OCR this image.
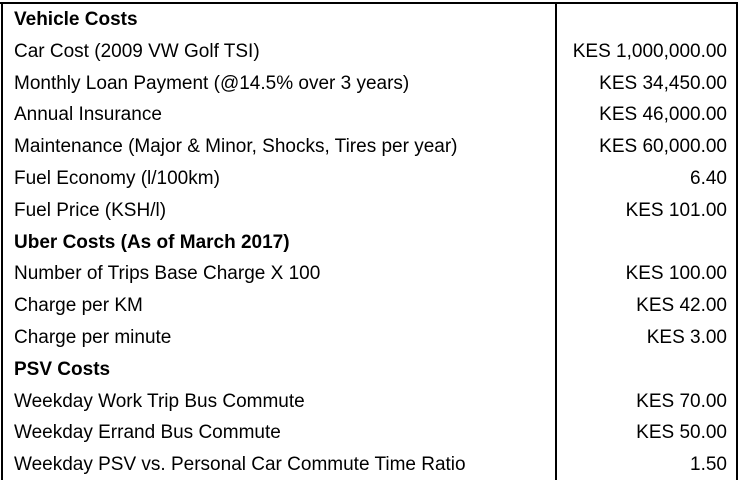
Vehicle Costs
Car Cost (2009 VW Golf TSI)	KES 1,000,000.00
Monthly Loan Payment (@14.5% over 3 years)	KES 34,450.00
Annual Insurance	KES 46,000.00
Maintenance (Major & Minor, Shocks, Tires per year)	KES 60,000.00
Fuel Economy (l/100km)	6.40
Fuel Price (KSH/l)	KES 101.00
Uber Costs (As of March 2017)
Number of Trips Base Charge X 100	KES 100.00
Charge per KM	KES 42.00
Charge per minute	KES 3.00
PSV Costs
Weekday Work Trip Bus Commute	KES 70.00
Weekday Errand Bus Commute	KES 50.00
Weekday PSV vs. Personal Car Commute Time Ratio	1.50
